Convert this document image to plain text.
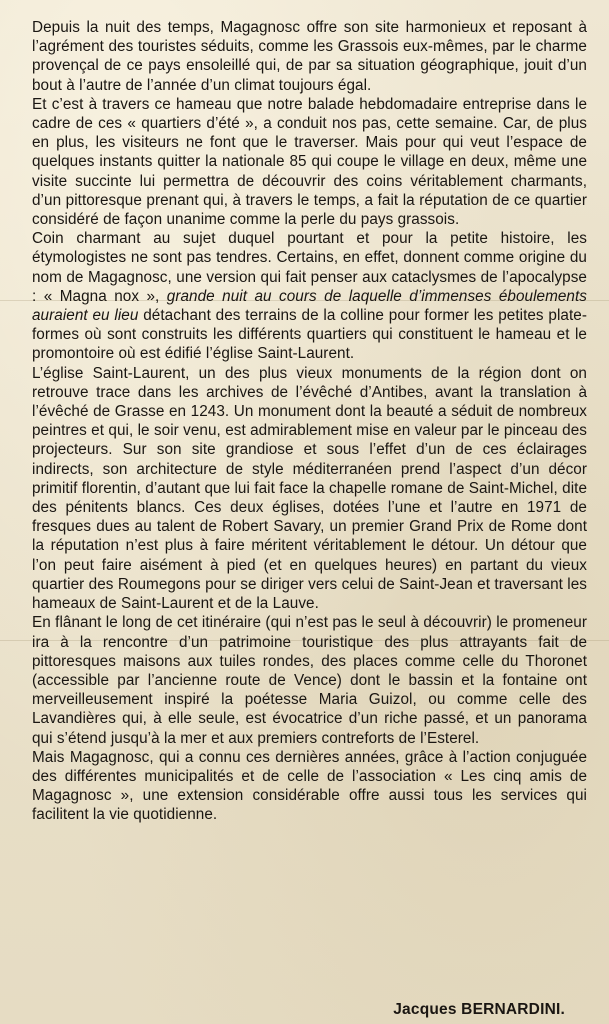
Depuis la nuit des temps, Magagnosc offre son site harmonieux et reposant à l’agrément des touristes séduits, comme les Grassois eux-mêmes, par le charme provençal de ce pays ensoleillé qui, de par sa situation géographique, jouit d’un bout à l’autre de l’année d’un climat toujours égal.

Et c’est à travers ce hameau que notre balade hebdomadaire entreprise dans le cadre de ces « quartiers d’été », a conduit nos pas, cette semaine. Car, de plus en plus, les visiteurs ne font que le traverser. Mais pour qui veut l’espace de quelques instants quitter la nationale 85 qui coupe le village en deux, même une visite succinte lui permettra de découvrir des coins véritablement charmants, d’un pittoresque prenant qui, à travers le temps, a fait la réputation de ce quartier considéré de façon unanime comme la perle du pays grassois.

Coin charmant au sujet duquel pourtant et pour la petite histoire, les étymologistes ne sont pas tendres. Certains, en effet, donnent comme origine du nom de Magagnosc, une version qui fait penser aux cataclysmes de l’apocalypse : « Magna nox », grande nuit au cours de laquelle d’immenses éboulements auraient eu lieu détachant des terrains de la colline pour former les petites plate-formes où sont construits les différents quartiers qui constituent le hameau et le promontoire où est édifié l’église Saint-Laurent.

L’église Saint-Laurent, un des plus vieux monuments de la région dont on retrouve trace dans les archives de l’évêché d’Antibes, avant la translation à l’évêché de Grasse en 1243. Un monument dont la beauté a séduit de nombreux peintres et qui, le soir venu, est admirablement mise en valeur par le pinceau des projecteurs. Sur son site grandiose et sous l’effet d’un de ces éclairages indirects, son architecture de style méditerranéen prend l’aspect d’un décor primitif florentin, d’autant que lui fait face la chapelle romane de Saint-Michel, dite des pénitents blancs. Ces deux églises, dotées l’une et l’autre en 1971 de fresques dues au talent de Robert Savary, un premier Grand Prix de Rome dont la réputation n’est plus à faire méritent véritablement le détour. Un détour que l’on peut faire aisément à pied (et en quelques heures) en partant du vieux quartier des Roumegons pour se diriger vers celui de Saint-Jean et traversant les hameaux de Saint-Laurent et de la Lauve.

En flânant le long de cet itinéraire (qui n’est pas le seul à découvrir) le promeneur ira à la rencontre d’un patrimoine touristique des plus attrayants fait de pittoresques maisons aux tuiles rondes, des places comme celle du Thoronet (accessible par l’ancienne route de Vence) dont le bassin et la fontaine ont merveilleusement inspiré la poétesse Maria Guizol, ou comme celle des Lavandières qui, à elle seule, est évocatrice d’un riche passé, et un panorama qui s’étend jusqu’à la mer et aux premiers contreforts de l’Esterel.

Mais Magagnosc, qui a connu ces dernières années, grâce à l’action conjuguée des différentes municipalités et de celle de l’association « Les cinq amis de Magagnosc », une extension considérable offre aussi tous les services qui facilitent la vie quotidienne.

Jacques BERNARDINI.
